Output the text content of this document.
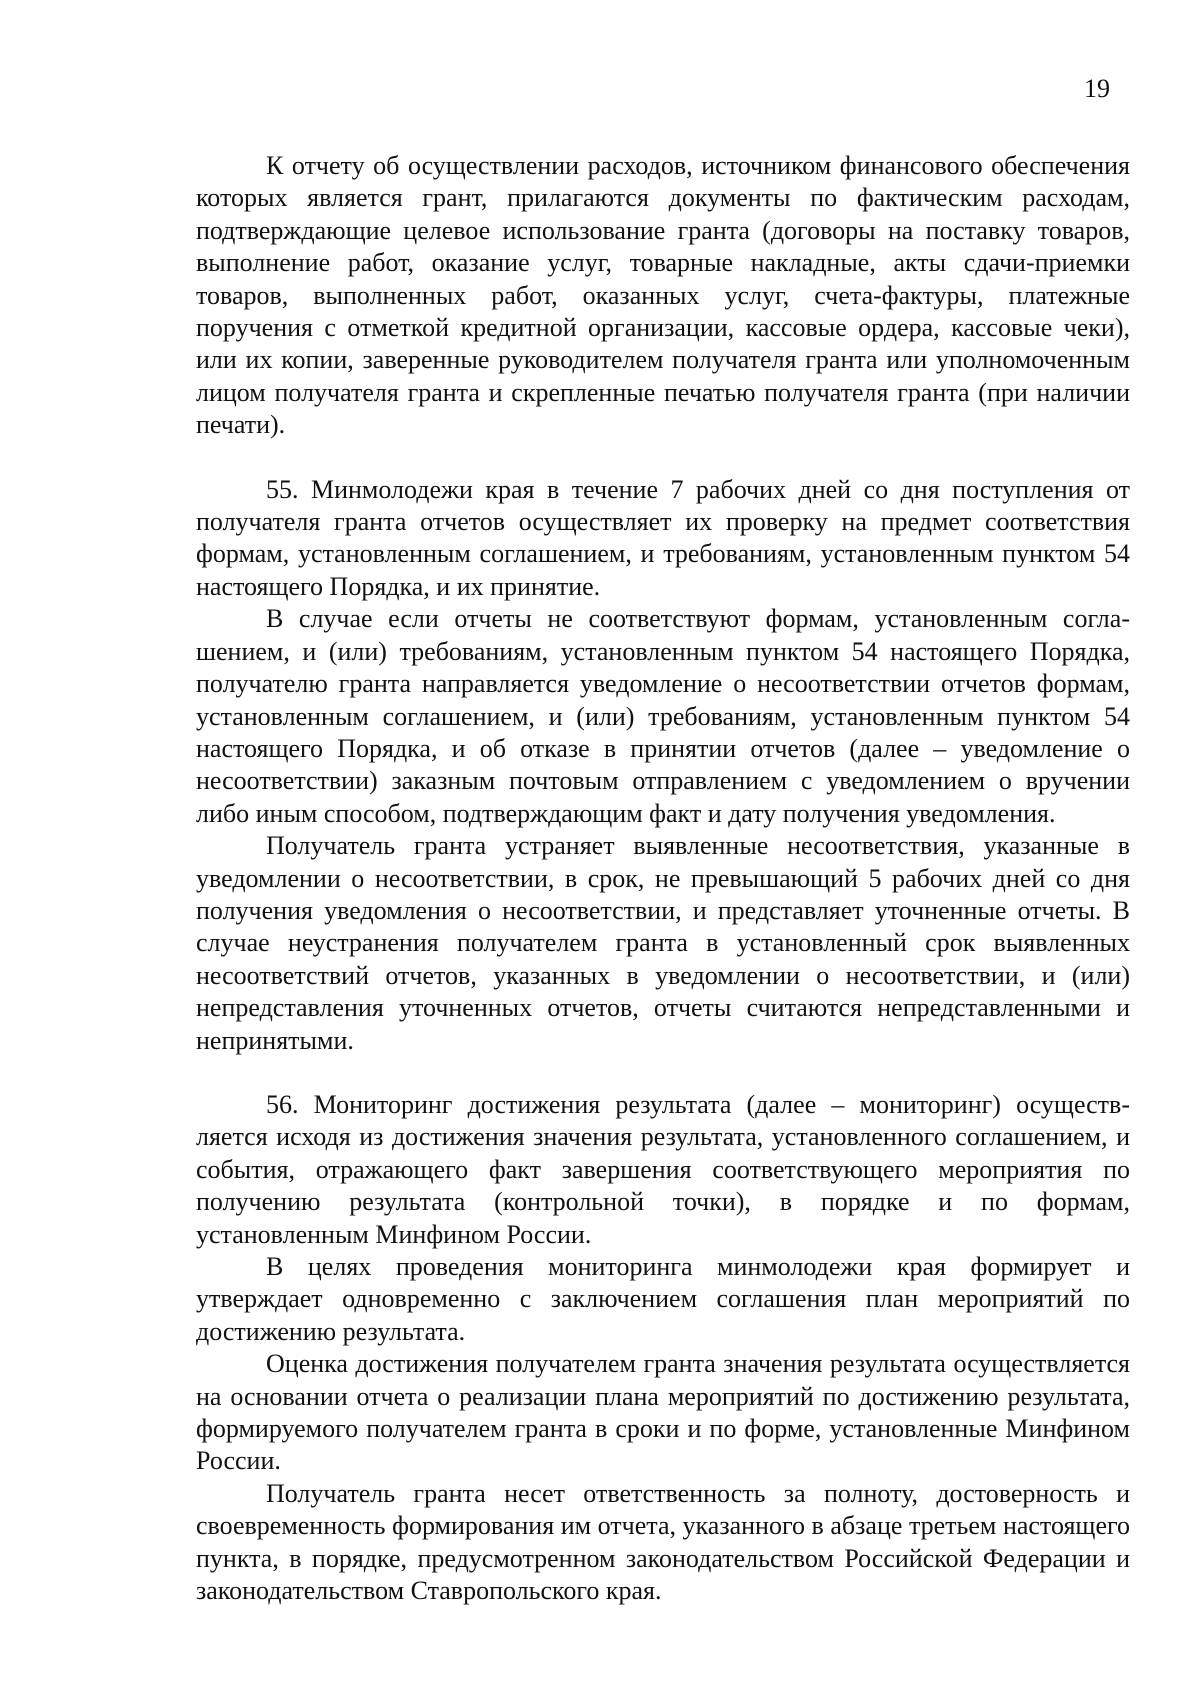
19

К отчету об осуществлении расходов, источником финансового обеспечения которых является грант, прилагаются документы по фактическим расходам, подтверждающие целевое использование гранта (договоры на поставку товаров, выполнение работ, оказание услуг, товарные накладные, акты сдачи-приемки товаров, выполненных работ, оказанных услуг, счета-фактуры, платежные поручения с отметкой кредитной организации, кассовые ордера, кассовые чеки), или их копии, заверенные руководителем получателя гранта или уполномоченным лицом получателя гранта и скрепленные печатью получателя гранта (при наличии печати).

55. Минмолодежи края в течение 7 рабочих дней со дня поступления от получателя гранта отчетов осуществляет их проверку на предмет соответствия формам, установленным соглашением, и требованиям, установленным пунктом 54 настоящего Порядка, и их принятие.

В случае если отчеты не соответствуют формам, установленным соглашением, и (или) требованиям, установленным пунктом 54 настоящего Порядка, получателю гранта направляется уведомление о несоответствии отчетов формам, установленным соглашением, и (или) требованиям, установленным пунктом 54 настоящего Порядка, и об отказе в принятии отчетов (далее – уведомление о несоответствии) заказным почтовым отправлением с уведомлением о вручении либо иным способом, подтверждающим факт и дату получения уведомления.

Получатель гранта устраняет выявленные несоответствия, указанные в уведомлении о несоответствии, в срок, не превышающий 5 рабочих дней со дня получения уведомления о несоответствии, и представляет уточненные отчеты. В случае неустранения получателем гранта в установленный срок выявленных несоответствий отчетов, указанных в уведомлении о несоответствии, и (или) непредставления уточненных отчетов, отчеты считаются непредставленными и непринятыми.

56. Мониторинг достижения результата (далее – мониторинг) осуществляется исходя из достижения значения результата, установленного соглашением, и события, отражающего факт завершения соответствующего мероприятия по получению результата (контрольной точки), в порядке и по формам, установленным Минфином России.

В целях проведения мониторинга минмолодежи края формирует и утверждает одновременно с заключением соглашения план мероприятий по достижению результата.

Оценка достижения получателем гранта значения результата осуществляется на основании отчета о реализации плана мероприятий по достижению результата, формируемого получателем гранта в сроки и по форме, установленные Минфином России.

Получатель гранта несет ответственность за полноту, достоверность и своевременность формирования им отчета, указанного в абзаце третьем настоящего пункта, в порядке, предусмотренном законодательством Российской Федерации и законодательством Ставропольского края.
